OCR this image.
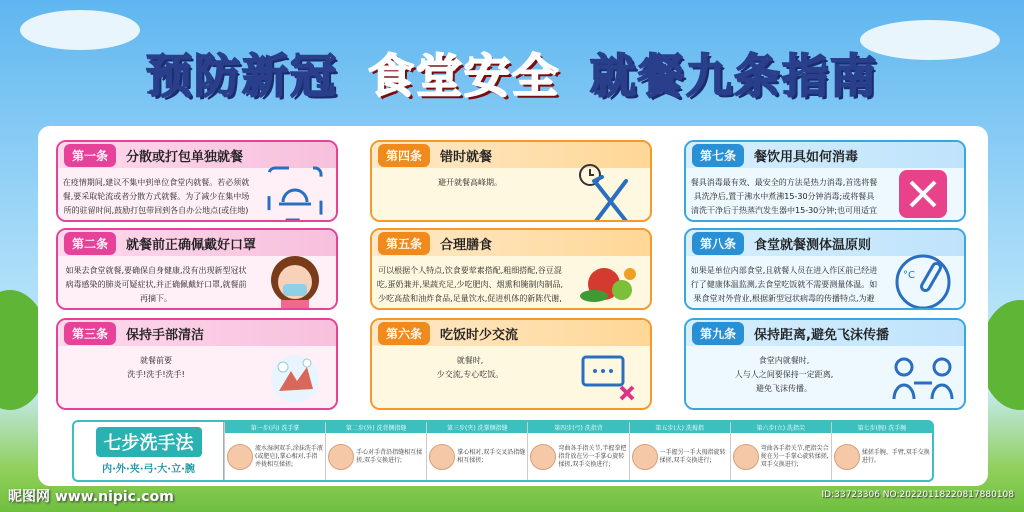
预防新冠 食堂安全 就餐九条指南
第一条	分散或打包单独就餐
在疫情期间,建议不集中到单位食堂内就餐。若必须就餐,要采取轮流或者分散方式就餐。为了减少在集中场所的驻留时间,鼓励打包带回到各自办公地点(或住地)
第二条	就餐前正确佩戴好口罩
如果去食堂就餐,要确保自身健康,没有出现新型冠状病毒感染的肺炎可疑症状,并正确佩戴好口罩,就餐前再摘下。
第三条	保持手部清洁
就餐前要
洗手!洗手!洗手!
第四条	错时就餐
避开就餐高峰期。
第五条	合理膳食
可以根据个人特点,饮食要荤素搭配,粗细搭配,谷豆混吃,蛋奶兼并,果蔬充足,少吃肥肉、烟熏和腌制肉制品,少吃高盐和油炸食品,足量饮水,促进机体的新陈代谢,
第六条	吃饭时少交流
就餐时,
少交流,专心吃饭。
第七条	餐饮用具如何消毒
餐具消毒最有效、最安全的方法是热力消毒,首选将餐具洗净后,置于沸水中煮沸15-30分钟消毒;或将餐具清洗干净后于热蒸汽发生器中15-30分钟;也可用适宜
第八条	食堂就餐测体温原则
如果是单位内部食堂,且就餐人员在进入作区前已经进行了健康体温监测,去食堂吃饭就不需要测量体温。如果食堂对外营业,根据新型冠状病毒的传播特点,为避
°C
第九条	保持距离,避免飞沫传播
食堂内就餐时,
人与人之间要保持一定距离,
避免飞沫传播。
七步洗手法
内·外·夹·弓·大·立·腕
第一步(内) 洗手掌
流水湿润双手,涂抹洗手液(或肥皂),掌心相对,手指并拢相互揉搓;
第二步(外) 洗背侧指缝
手心对手背沿指缝相互揉搓,双手交换进行;
第三步(夹) 洗掌侧指缝
掌心相对,双手交叉沿指缝相互揉搓;
第四步(弓) 洗指背
弯曲各手指关节,半握拳把指背放在另一手掌心旋转揉搓,双手交换进行;
第五步(大) 洗拇指
一手握另一手大拇指旋转揉搓,双手交换进行;
第六步(立) 洗指尖
弯曲各手指关节,把指尖合拢在另一手掌心旋转揉搓,双手交换进行;
第七步(腕) 洗手腕
揉搓手腕、手臂,双手交换进行。
昵图网 www.nipic.com	ID:33723306 NO:20220118220817880108
